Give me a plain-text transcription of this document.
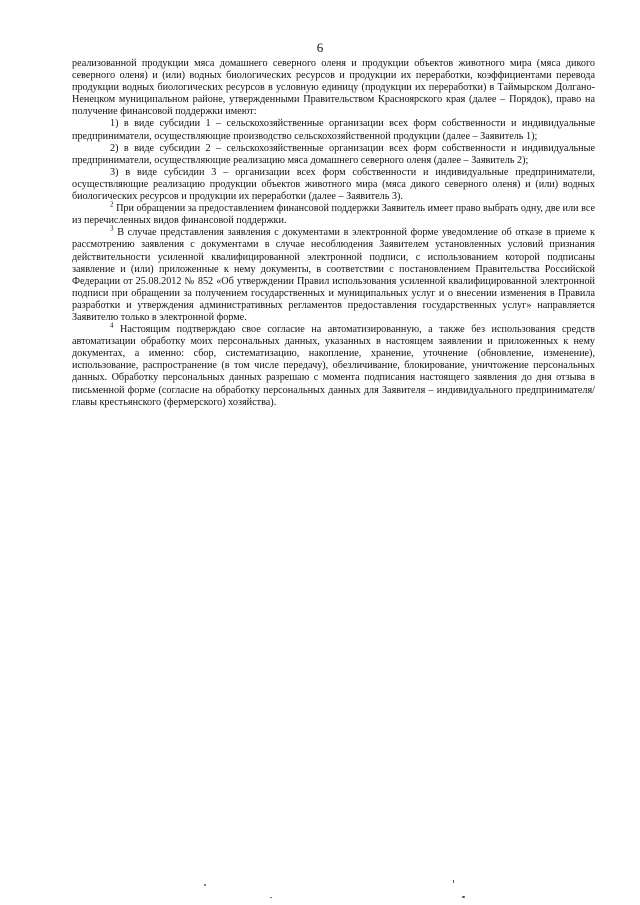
6

реализованной продукции мяса домашнего северного оленя и продукции объектов животного мира (мяса дикого северного оленя) и (или) водных биологических ресурсов и продукции их переработки, коэффициентами перевода продукции водных биологических ресурсов в условную единицу (продукции их переработки) в Таймырском Долгано-Ненецком муниципальном районе, утвержденными Правительством Красноярского края (далее – Порядок), право на получение финансовой поддержки имеют:

1) в виде субсидии 1 – сельскохозяйственные организации всех форм собственности и индивидуальные предприниматели, осуществляющие производство сельскохозяйственной продукции (далее – Заявитель 1);

2) в виде субсидии 2 – сельскохозяйственные организации всех форм собственности и индивидуальные предприниматели, осуществляющие реализацию мяса домашнего северного оленя (далее – Заявитель 2);

3) в виде субсидии 3 – организации всех форм собственности и индивидуальные предприниматели, осуществляющие реализацию продукции объектов животного мира (мяса дикого северного оленя) и (или) водных биологических ресурсов и продукции их переработки (далее – Заявитель 3).

$^2$ При обращении за предоставлением финансовой поддержки Заявитель имеет право выбрать одну, две или все из перечисленных видов финансовой поддержки.

$^3$ В случае представления заявления с документами в электронной форме уведомление об отказе в приеме к рассмотрению заявления с документами в случае несоблюдения Заявителем установленных условий признания действительности усиленной квалифицированной электронной подписи, с использованием которой подписаны заявление и (или) приложенные к нему документы, в соответствии с постановлением Правительства Российской Федерации от 25.08.2012 № 852 «Об утверждении Правил использования усиленной квалифицированной электронной подписи при обращении за получением государственных и муниципальных услуг и о внесении изменения в Правила разработки и утверждения административных регламентов предоставления государственных услуг» направляется Заявителю только в электронной форме.

$^4$ Настоящим подтверждаю свое согласие на автоматизированную, а также без использования средств автоматизации обработку моих персональных данных, указанных в настоящем заявлении и приложенных к нему документах, а именно: сбор, систематизацию, накопление, хранение, уточнение (обновление, изменение), использование, распространение (в том числе передачу), обезличивание, блокирование, уничтожение персональных данных. Обработку персональных данных разрешаю с момента подписания настоящего заявления до дня отзыва в письменной форме (согласие на обработку персональных данных для Заявителя – индивидуального предпринимателя/главы крестьянского (фермерского) хозяйства).
